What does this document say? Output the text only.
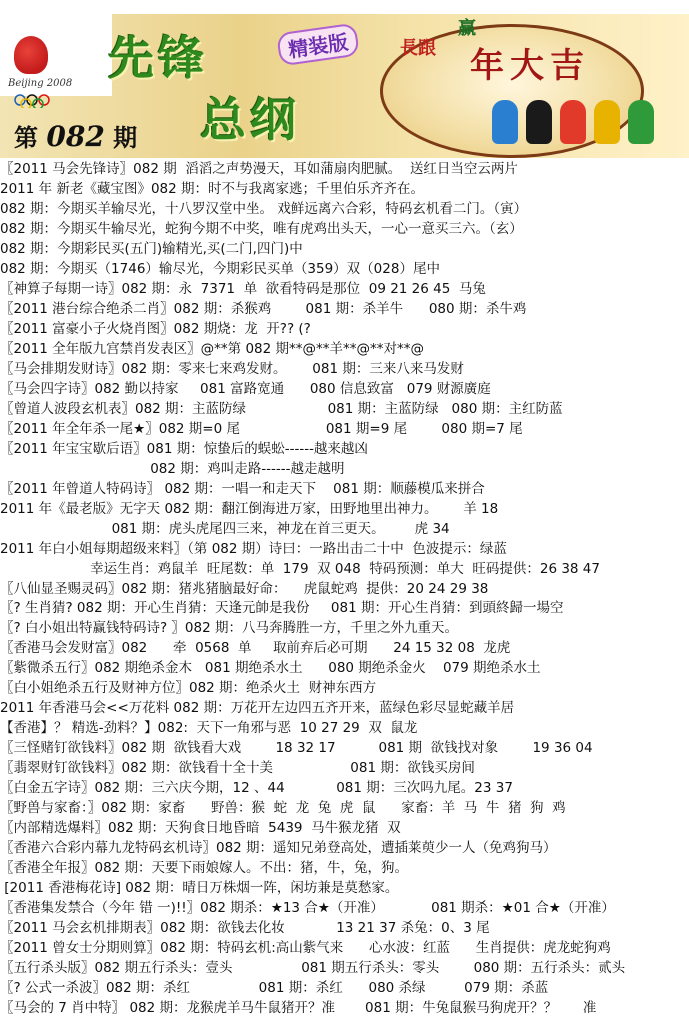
Beijing 2008 先锋	精装版
总纲
第 082 期
赢
長跟 年大吉
〖2011 马会先锋诗〗082 期  滔滔之声势漫天，耳如蒲扇肉肥腻。  送红日当空云两片
2011 年 新老《藏宝图》082 期：时不与我离家逃；千里伯乐齐齐在。
082 期：今期买羊输尽光，十八罗汉堂中坐。 戏鲜远离六合彩，特码玄机看二门。（寅）
082 期：今期买牛输尽光，蛇狗今期不中奖，唯有虎鸡出头天，一心一意买三六。（玄）
082 期：今期彩民买(五门)输精光,买(二门,四门)中
082 期：今期买（1746）输尽光，今期彩民买单（359）双（028）尾中
〖神算子每期一诗〗082 期：永  7371  单  欲看特码是那位  09 21 26 45  马兔
〖2011 港台综合绝杀二肖〗082 期：杀猴鸡        081 期：杀羊牛      080 期：杀牛鸡
〖2011 富豪小子火烧肖图〗082 期烧：龙  开?? (?
〖2011 全年版九宫禁肖发表区〗@**第 082 期**@**羊**@**对**@
〖马会排期发财诗〗082 期：零来七来鸡发财。      081 期：三来八来马发财
〖马会四字诗〗082 勤以持家     081 富路宽通      080 信息致富   079 财源廣庭
〖曾道人波段玄机表〗082 期：主蓝防绿                   081 期：主蓝防绿   080 期：主红防蓝
〖2011 年全年杀一尾★〗082 期=0 尾                    081 期=9 尾        080 期=7 尾
〖2011 年宝宝歇后语〗081 期：惊蛰后的蜈蚣------越来越凶
082 期：鸡叫走路------越走越明
〖2011 年曾道人特码诗〗 082 期：一唱一和走天下    081 期：顺藤模瓜来拼合
2011 年《最老版》无字天 082 期：翻江倒海进万家，田野地里出神力。      羊 18
081 期：虎头虎尾四三来，神龙在首三更天。       虎 34
2011 年白小姐每期超级来料〗（第 082 期）诗曰：一路出击二十中  色波提示：绿蓝
幸运生肖：鸡鼠羊  旺尾数：单  179  双 048  特码预测：单大  旺码提供：26 38 47
〖八仙显圣赐灵码〗082 期：猪兆猪脑最好命：    虎鼠蛇鸡  提供：20 24 29 38
〖? 生肖猜? 082 期：开心生肖猜：天逢元帥是我份     081 期：开心生肖猜：到頭終歸一場空
〖? 白小姐出特赢钱特码诗? 〗082 期：八马奔腾胜一方，千里之外九重天。
〖香港马会发财富〗082      牵  0568  单     取前弃后必可期      24 15 32 08  龙虎
〖紫微杀五行〗082 期绝杀金木   081 期绝杀水土      080 期绝杀金火    079 期绝杀水土
〖白小姐绝杀五行及财神方位〗082 期：绝杀火土  财神东西方
2011 年香港马会<<万花料 082 期：万花开左边四五齐开来，蓝绿色彩尽显蛇藏羊居
【香港】？ 精选-劲料？】082:  天下一角邪与恶  10 27 29  双  鼠龙
〖三怪赌钉欲钱料〗082 期  欲钱看大戏        18 32 17          081 期  欲钱找对象        19 36 04
〖翡翠财钉欲钱料〗082 期：欲钱看十全十美                  081 期：欲钱买房间
〖白金五字诗〗082 期：三六庆今期，12 、44            081 期：三次吗九尾。23 37
〖野兽与家畜：〗082 期：家畜      野兽：猴  蛇  龙  兔  虎  鼠      家畜：羊  马  牛  猪  狗  鸡
〖内部精选爆料〗082 期：天狗食日地昏暗  5439  马牛猴龙猪  双
〖香港六合彩内幕九龙特码玄机诗〗082 期：遥知兄弟登高处，遭插莱萸少一人（免鸡狗马）
〖香港全年报〗082 期：天要下雨娘嫁人。不出：猪，牛，兔，狗。
[2011 香港梅花诗] 082 期：晴日万株烟一阵，闲坊兼是莫愁家。
〖香港集发禁合（今年 错 一)!!〗082 期杀：★13 合★（开准）           081 期杀：★01 合★（开准）
〖2011 马会玄机排期表〗082 期：欲钱去化妆            13 21 37 杀兔：0、3 尾
〖2011 曾女士分期则算〗082 期：特码玄机:高山紫气来      心水波：红蓝      生肖提供：虎龙蛇狗鸡
〖五行杀头版〗082 期五行杀头：壹头                081 期五行杀头：零头        080 期：五行杀头：贰头
〖? 公式一杀波〗082 期：杀红                081 期：杀红      080 杀绿         079 期：杀蓝
〖马会的 7 肖中特〗 082 期：龙猴虎羊马牛鼠猪开？准       081 期：牛兔鼠猴马狗虎开？？      准
